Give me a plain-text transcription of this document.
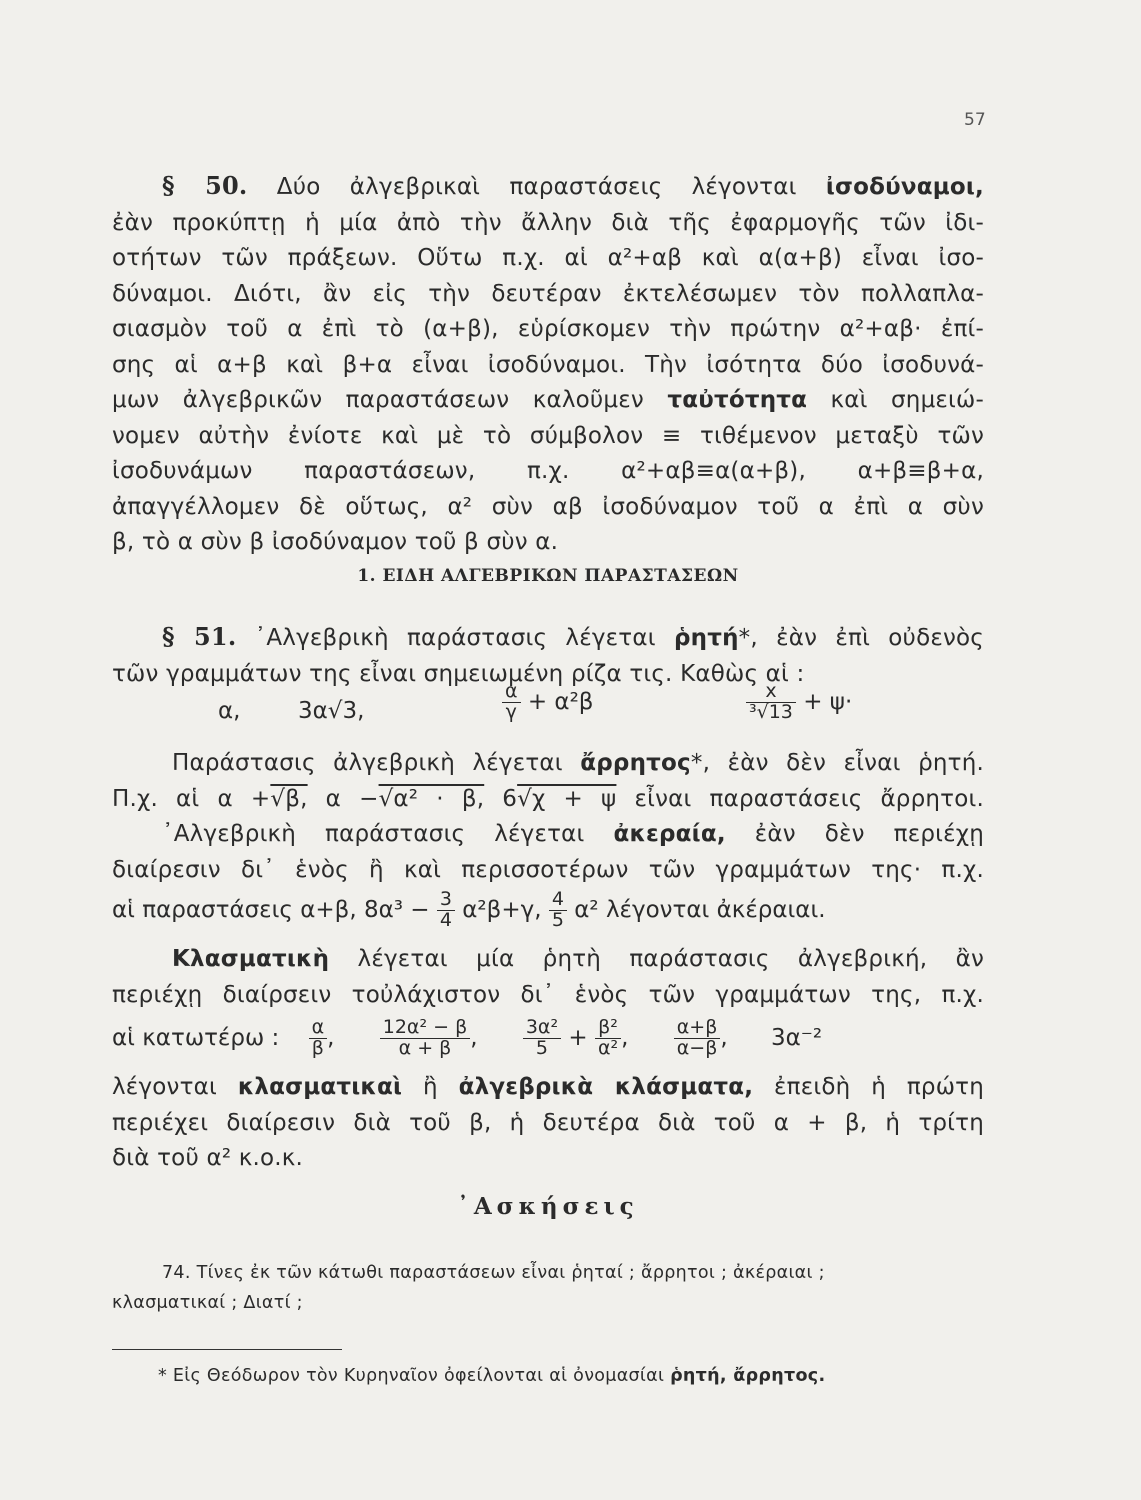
57
§ 50. Δύο ἀλγεβρικαὶ παραστάσεις λέγονται ἰσοδύναμοι,
ἐὰν προκύπτῃ ἡ μία ἀπὸ τὴν ἄλλην διὰ τῆς ἐφαρμογῆς τῶν ἰδι-
οτήτων τῶν πράξεων. Οὕτω π.χ. αἱ α²+αβ καὶ α(α+β) εἶναι ἰσο-
δύναμοι. Διότι, ἂν εἰς τὴν δευτέραν ἐκτελέσωμεν τὸν πολλαπλα-
σιασμὸν τοῦ α ἐπὶ τὸ (α+β), εὑρίσκομεν τὴν πρώτην α²+αβ· ἐπί-
σης αἱ α+β καὶ β+α εἶναι ἰσοδύναμοι. Τὴν ἰσότητα δύο ἰσοδυνά-
μων ἀλγεβρικῶν παραστάσεων καλοῦμεν ταὐτότητα καὶ σημειώ-
νομεν αὐτὴν ἐνίοτε καὶ μὲ τὸ σύμβολον ≡ τιθέμενον μεταξὺ τῶν
ἰσοδυνάμων παραστάσεων, π.χ. α²+αβ≡α(α+β), α+β≡β+α,
ἀπαγγέλλομεν δὲ οὕτως, α² σὺν αβ ἰσοδύναμον τοῦ α ἐπὶ α σὺν
β, τὸ α σὺν β ἰσοδύναμον τοῦ β σὺν α.
1. ΕΙΔΗ ΑΛΓΕΒΡΙΚΩΝ ΠΑΡΑΣΤΑΣΕΩΝ
§ 51. ᾿Αλγεβρικὴ παράστασις λέγεται ῥητή*, ἐὰν ἐπὶ οὐδενὸς
τῶν γραμμάτων της εἶναι σημειωμένη ρίζα τις. Καθὼς αἱ :
α,	3α√3,	$\frac{\alpha}{\gamma} + \alpha^2\beta$	$\frac{x}{\text{³√13}} + \psi\cdot$
Παράστασις ἀλγεβρικὴ λέγεται ἄρρητος*, ἐὰν δὲν εἶναι ῥητή.
Π.χ. αἱ α +√β, α −√α² · β, 6√χ + ψ εἶναι παραστάσεις ἄρρητοι.
᾿Αλγεβρικὴ παράστασις λέγεται ἀκεραία, ἐὰν δὲν περιέχῃ
διαίρεσιν δι᾿ ἑνὸς ἢ καὶ περισσοτέρων τῶν γραμμάτων της· π.χ.
αἱ παραστάσεις α+β, $8\alpha^3 - \frac{3}{4} \alpha^2\beta+\gamma$, $\frac{4}{5} \alpha^2$ λέγονται ἀκέραιαι.
Κλασματικὴ λέγεται μία ῥητὴ παράστασις ἀλγεβρική, ἂν
περιέχῃ διαίρσειν τοὐλάχιστον δι᾿ ἑνὸς τῶν γραμμάτων της, π.χ.
αἱ κατωτέρω : $\frac{\alpha}{\beta}$ , $\frac{\text{12α² − β}}{\alpha + \beta}$ , $\frac{\text{3α²}}{5} + \frac{\text{β²}}{\text{α²}}$ , $\frac{\alpha+\beta}{\alpha-\beta}$ , 3α⁻²
λέγονται κλασματικαὶ ἢ ἀλγεβρικὰ κλάσματα, ἐπειδὴ ἡ πρώτη
περιέχει διαίρεσιν διὰ τοῦ β, ἡ δευτέρα διὰ τοῦ α + β, ἡ τρίτη
διὰ τοῦ α² κ.ο.κ.
᾿Ασκήσεις
74. Τίνες ἐκ τῶν κάτωθι παραστάσεων εἶναι ῥηταί ; ἄρρητοι ; ἀκέραιαι ;
κλασματικαί ; Διατί ;
* Εἰς Θεόδωρον τὸν Κυρηναῖον ὀφείλονται αἱ ὀνομασίαι ῥητή, ἄρρητος.
